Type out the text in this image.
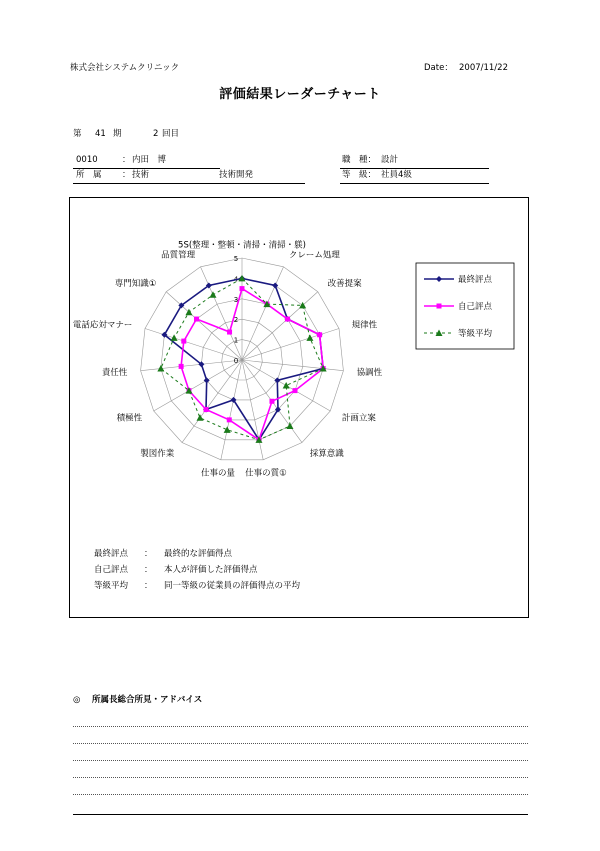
株式会社システムクリニック	Date： 2007/11/22
評価結果レーダーチャート
第 41 期	2 回目
0010	： 内田　博
所　属 ： 技術	技術開発
職　種： 設計
等　級： 社員4級
0
1
2
3
4
5
5S(整理・整頓・清掃・清掃・躾)
クレーム処理
改善提案
規律性
協調性
計画立案
採算意識
仕事の質①
仕事の量
製図作業
積極性
責任性
電話応対マナー
専門知識①
品質管理
最終評点
自己評点
等級平均
最終評点 ： 最終的な評価得点
自己評点 ： 本人が評価した評価得点
等級平均 ： 同一等級の従業員の評価得点の平均
◎ 所属長総合所見・アドバイス
